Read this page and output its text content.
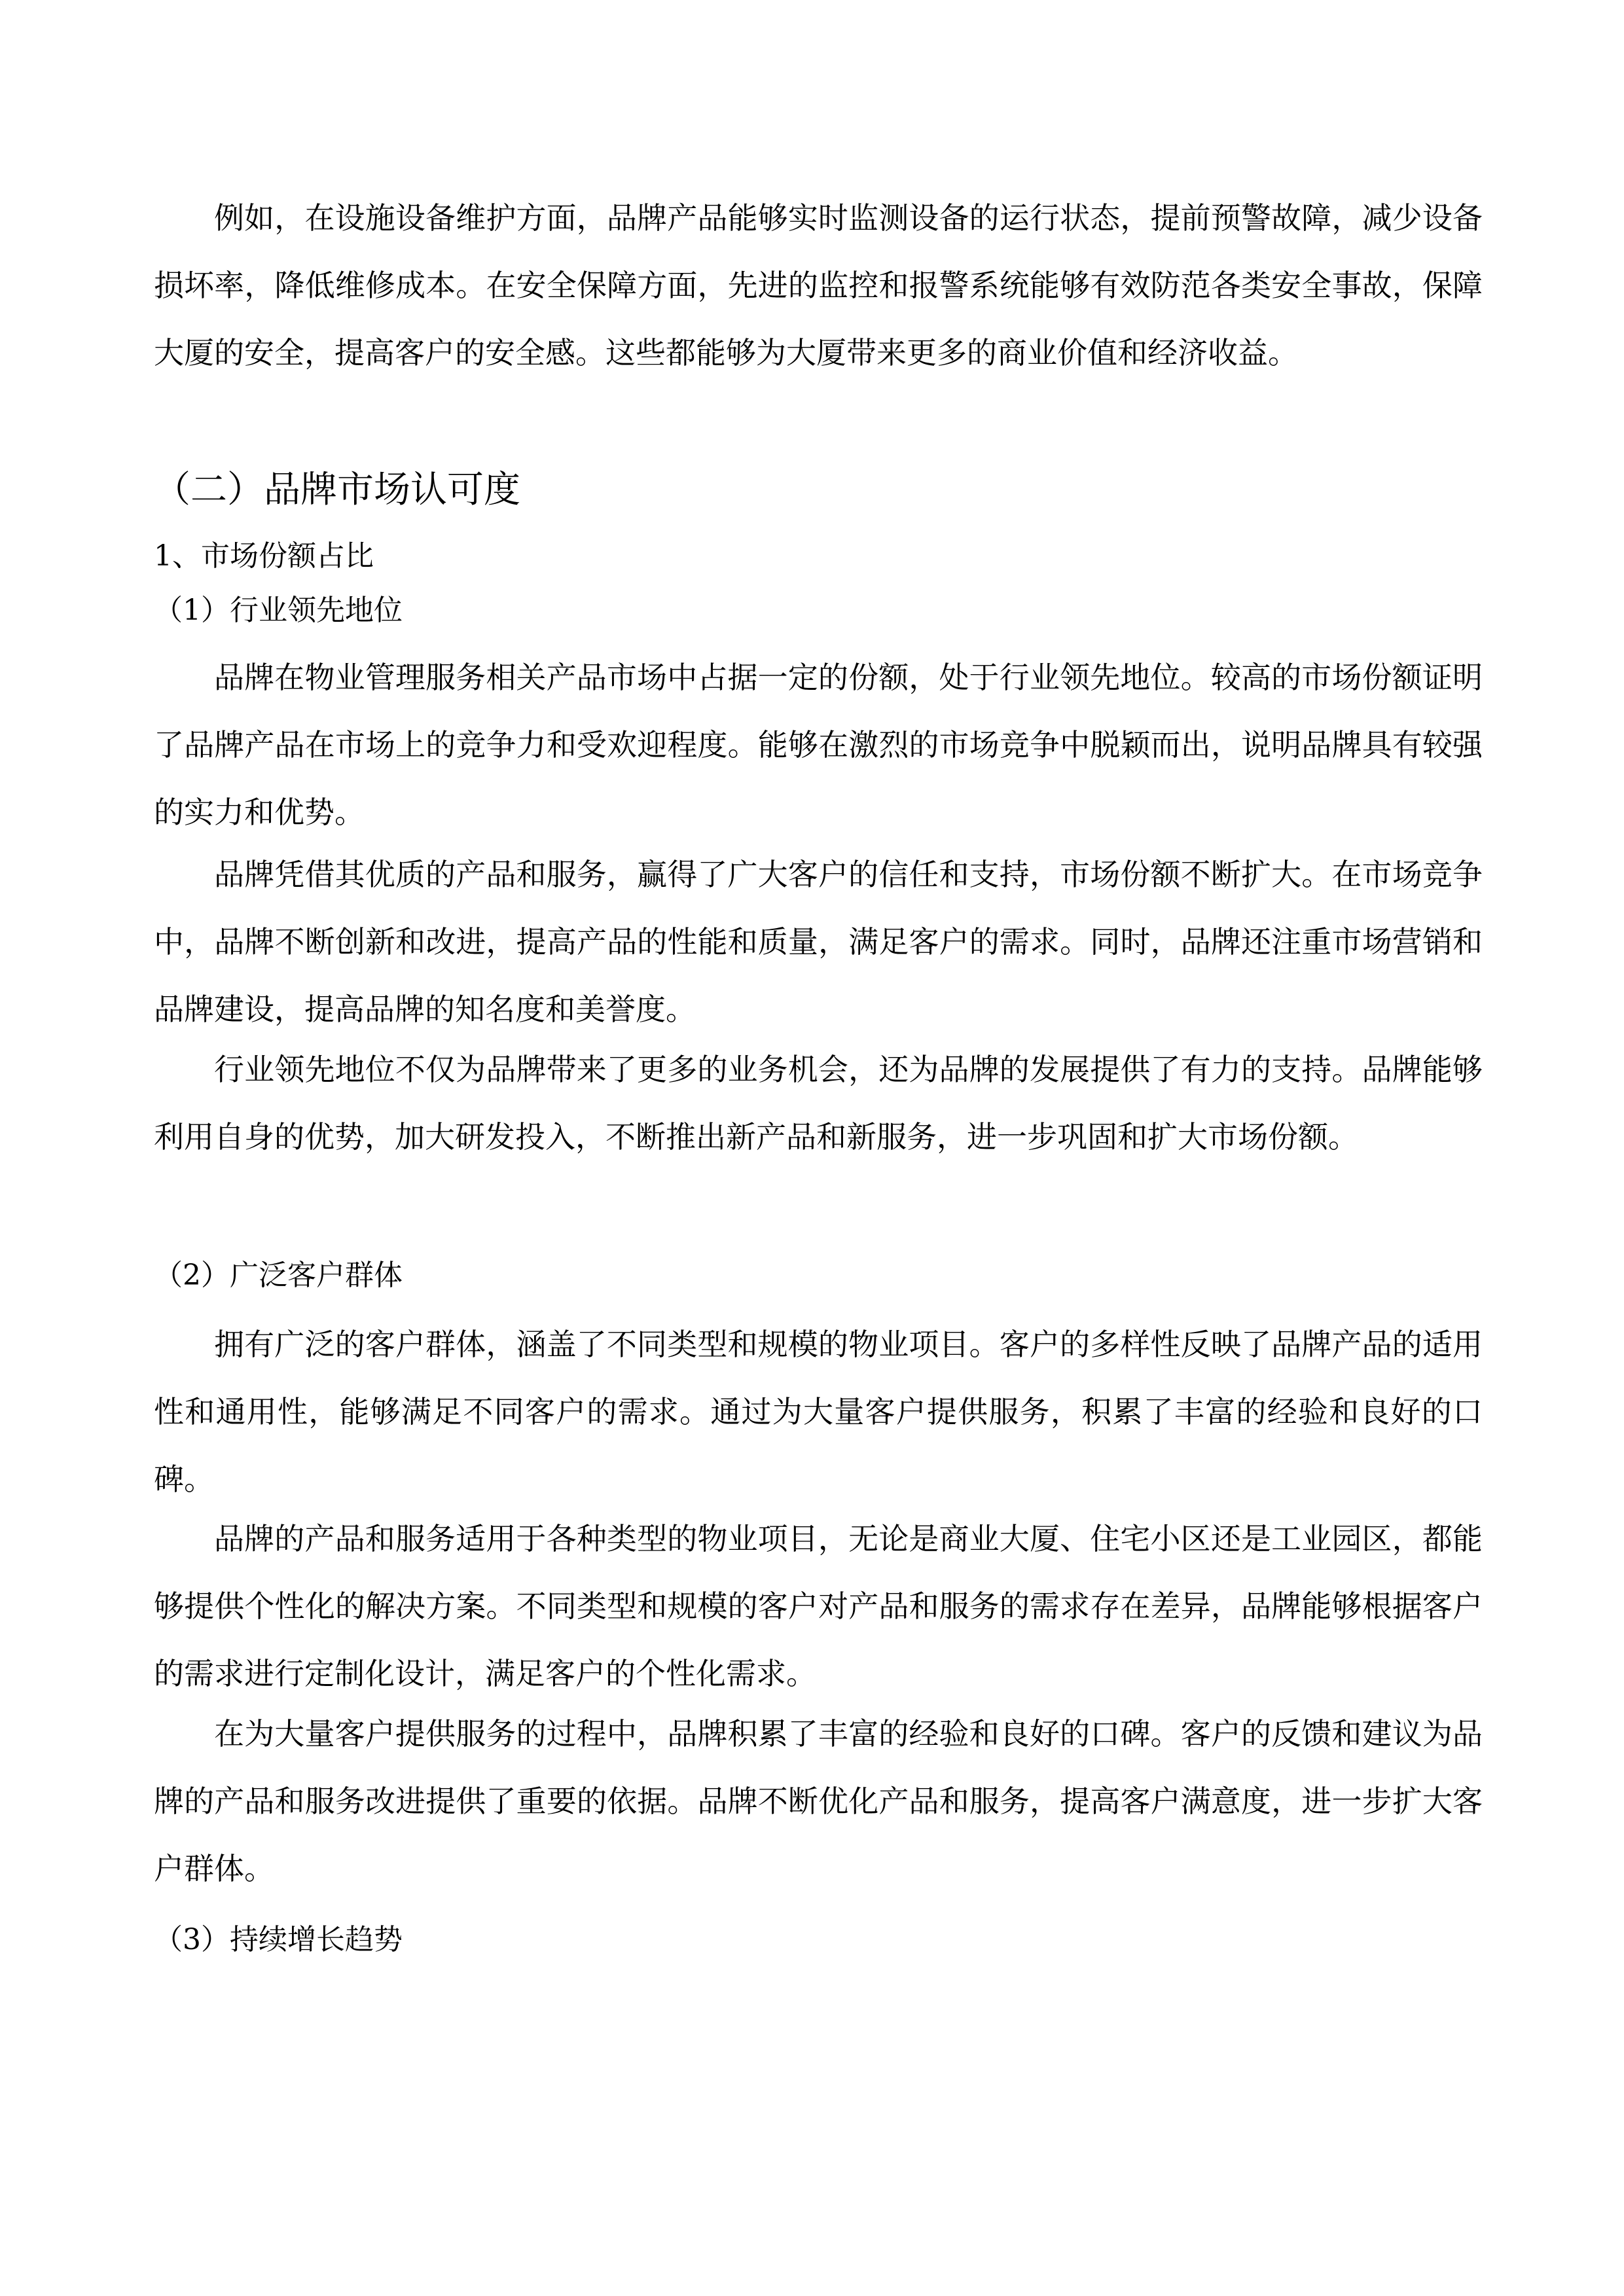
例如，在设施设备维护方面，品牌产品能够实时监测设备的运行状态，提前预警故障，减少设备损坏率，降低维修成本。在安全保障方面，先进的监控和报警系统能够有效防范各类安全事故，保障大厦的安全，提高客户的安全感。这些都能够为大厦带来更多的商业价值和经济收益。

（二）品牌市场认可度
1、市场份额占比
（1）行业领先地位

品牌在物业管理服务相关产品市场中占据一定的份额，处于行业领先地位。较高的市场份额证明了品牌产品在市场上的竞争力和受欢迎程度。能够在激烈的市场竞争中脱颖而出，说明品牌具有较强的实力和优势。

品牌凭借其优质的产品和服务，赢得了广大客户的信任和支持，市场份额不断扩大。在市场竞争中，品牌不断创新和改进，提高产品的性能和质量，满足客户的需求。同时，品牌还注重市场营销和品牌建设，提高品牌的知名度和美誉度。

行业领先地位不仅为品牌带来了更多的业务机会，还为品牌的发展提供了有力的支持。品牌能够利用自身的优势，加大研发投入，不断推出新产品和新服务，进一步巩固和扩大市场份额。

（2）广泛客户群体

拥有广泛的客户群体，涵盖了不同类型和规模的物业项目。客户的多样性反映了品牌产品的适用性和通用性，能够满足不同客户的需求。通过为大量客户提供服务，积累了丰富的经验和良好的口碑。

品牌的产品和服务适用于各种类型的物业项目，无论是商业大厦、住宅小区还是工业园区，都能够提供个性化的解决方案。不同类型和规模的客户对产品和服务的需求存在差异，品牌能够根据客户的需求进行定制化设计，满足客户的个性化需求。

在为大量客户提供服务的过程中，品牌积累了丰富的经验和良好的口碑。客户的反馈和建议为品牌的产品和服务改进提供了重要的依据。品牌不断优化产品和服务，提高客户满意度，进一步扩大客户群体。

（3）持续增长趋势
